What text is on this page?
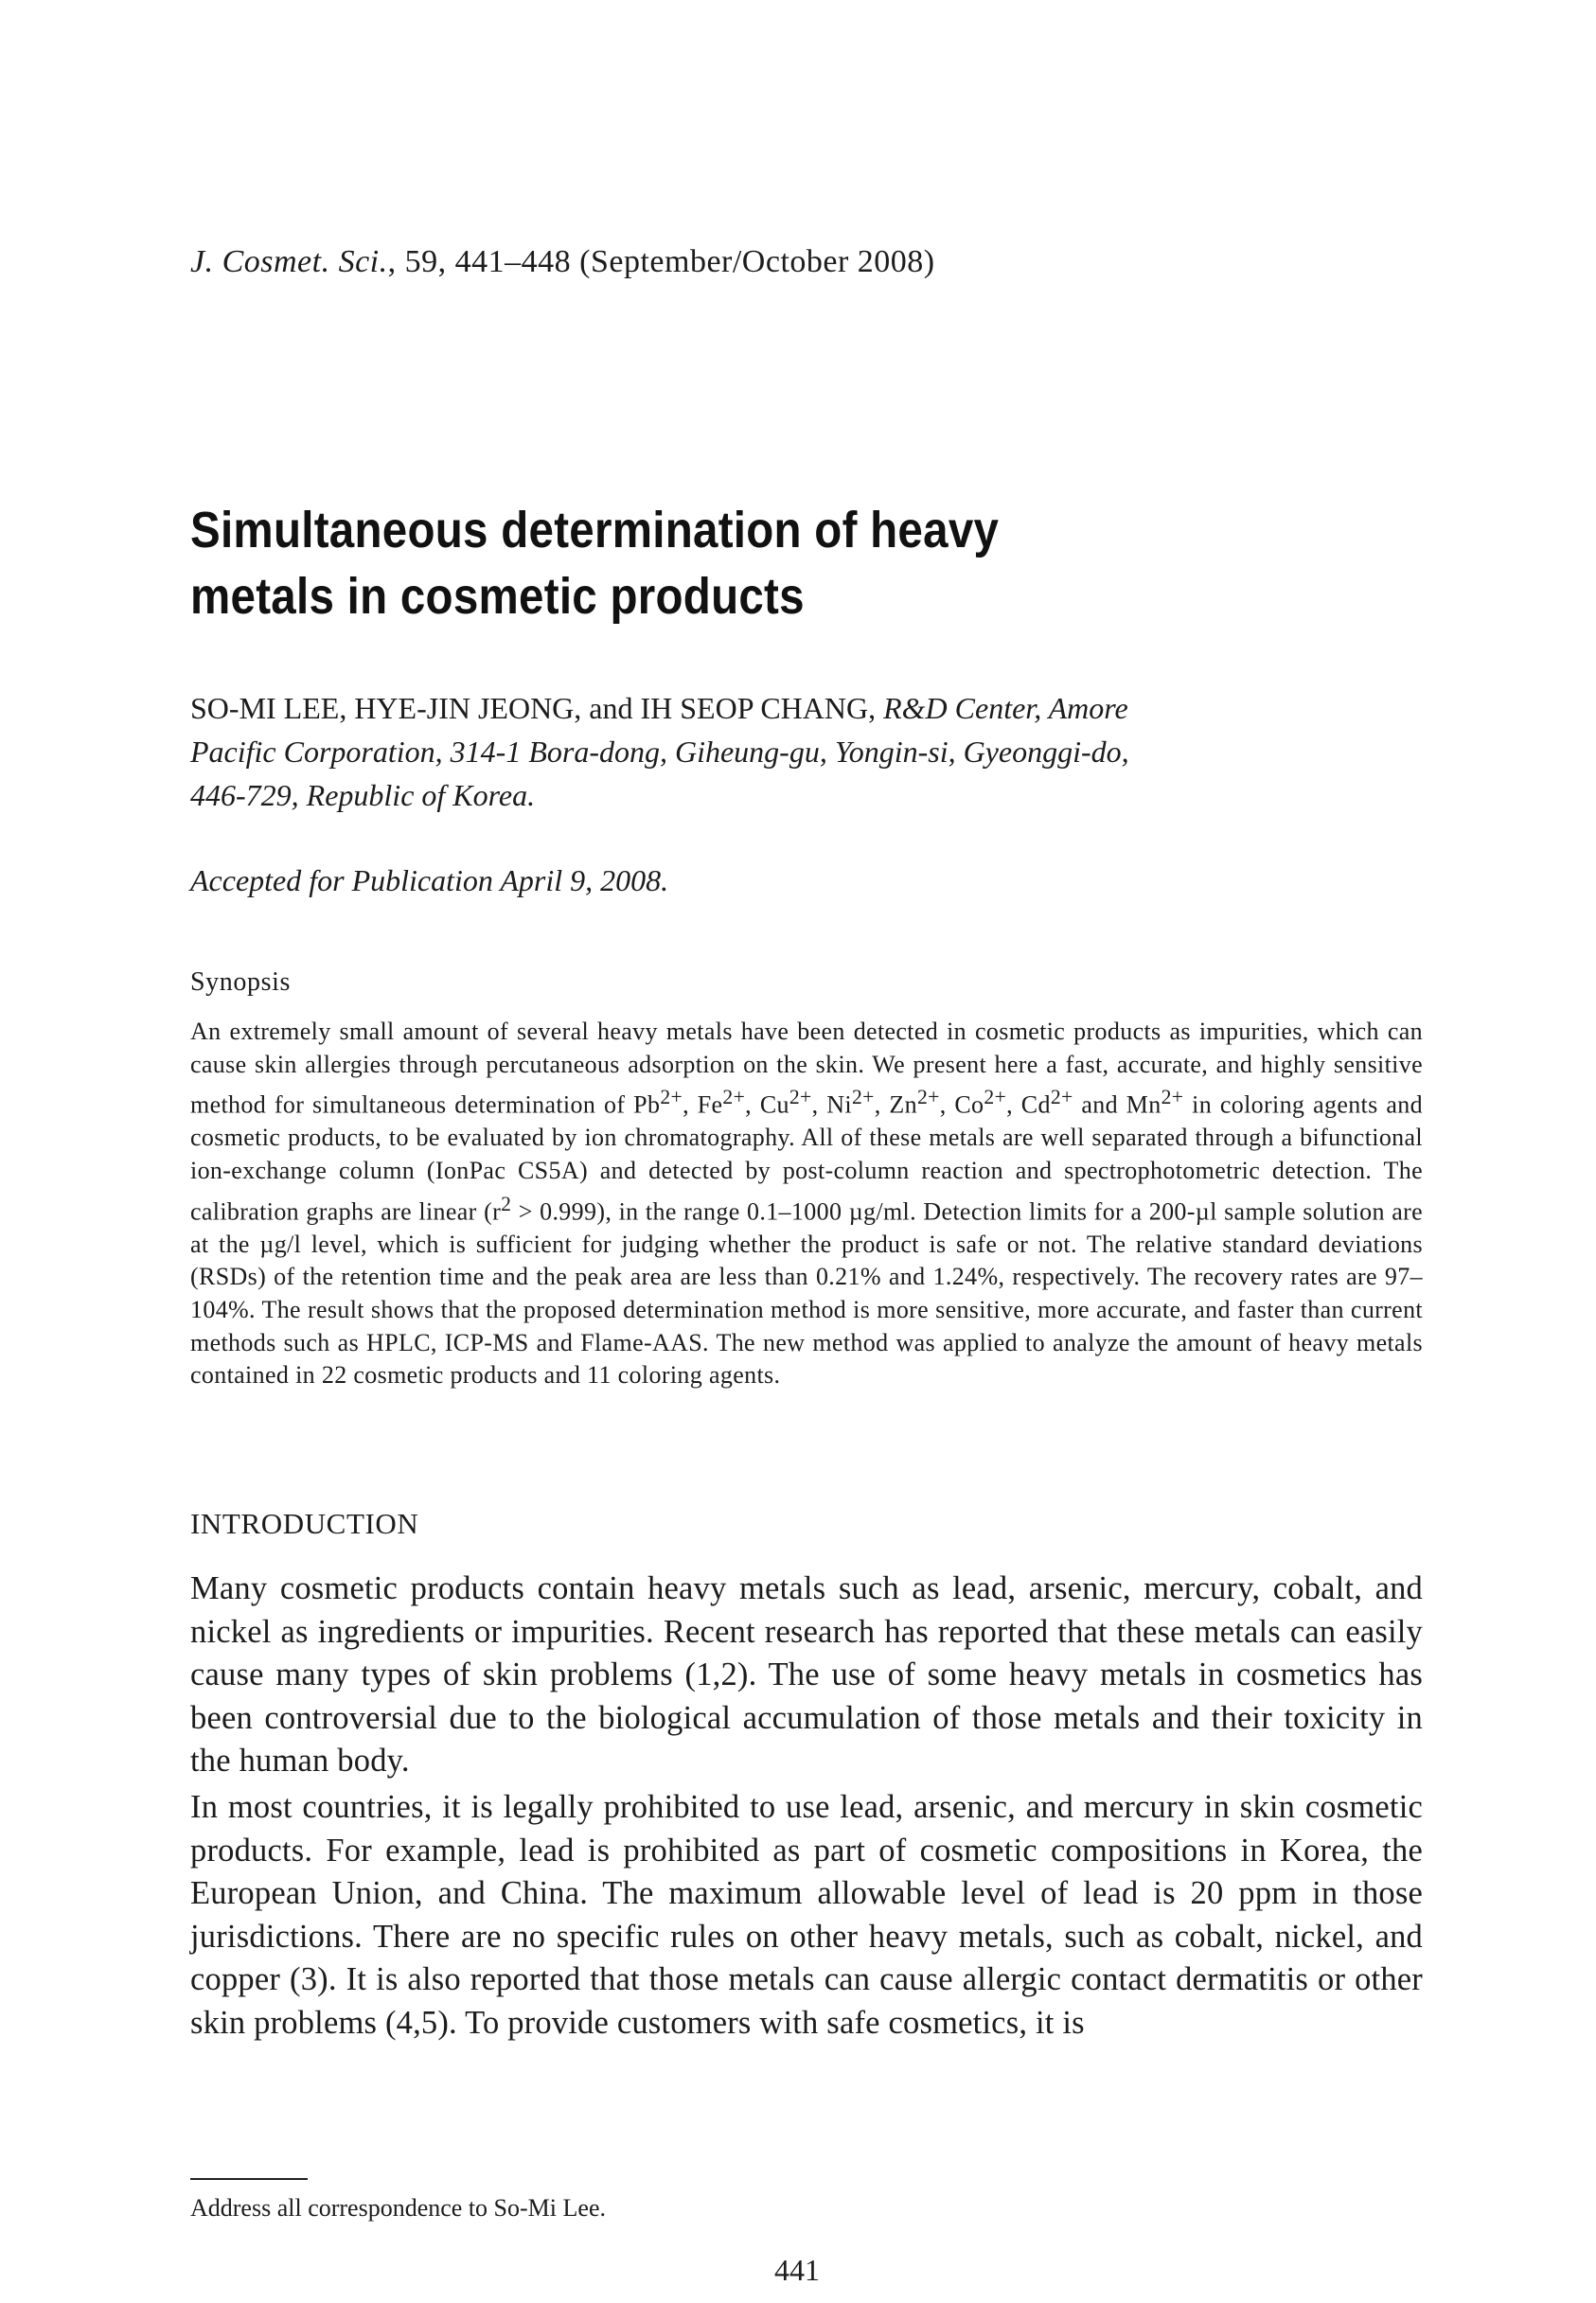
J. Cosmet. Sci., 59, 441–448 (September/October 2008)
Simultaneous determination of heavy metals in cosmetic products
SO-MI LEE, HYE-JIN JEONG, and IH SEOP CHANG, R&D Center, Amore Pacific Corporation, 314-1 Bora-dong, Giheung-gu, Yongin-si, Gyeonggi-do, 446-729, Republic of Korea.
Accepted for Publication April 9, 2008.
Synopsis

An extremely small amount of several heavy metals have been detected in cosmetic products as impurities, which can cause skin allergies through percutaneous adsorption on the skin. We present here a fast, accurate, and highly sensitive method for simultaneous determination of $Pb^{2+}$, $Fe^{2+}$, $Cu^{2+}$, $Ni^{2+}$, $Zn^{2+}$, $Co^{2+}$, $Cd^{2+}$ and $Mn^{2+}$ in coloring agents and cosmetic products, to be evaluated by ion chromatography. All of these metals are well separated through a bifunctional ion-exchange column (IonPac CS5A) and detected by post-column reaction and spectrophotometric detection. The calibration graphs are linear $(r^2 > 0.999)$, in the range 0.1–1000 µg/ml. Detection limits for a 200-µl sample solution are at the µg/l level, which is sufficient for judging whether the product is safe or not. The relative standard deviations (RSDs) of the retention time and the peak area are less than 0.21% and 1.24%, respectively. The recovery rates are 97–104%. The result shows that the proposed determination method is more sensitive, more accurate, and faster than current methods such as HPLC, ICP-MS and Flame-AAS. The new method was applied to analyze the amount of heavy metals contained in 22 cosmetic products and 11 coloring agents.

INTRODUCTION

Many cosmetic products contain heavy metals such as lead, arsenic, mercury, cobalt, and nickel as ingredients or impurities. Recent research has reported that these metals can easily cause many types of skin problems (1,2). The use of some heavy metals in cosmetics has been controversial due to the biological accumulation of those metals and their toxicity in the human body.

In most countries, it is legally prohibited to use lead, arsenic, and mercury in skin cosmetic products. For example, lead is prohibited as part of cosmetic compositions in Korea, the European Union, and China. The maximum allowable level of lead is 20 ppm in those jurisdictions. There are no specific rules on other heavy metals, such as cobalt, nickel, and copper (3). It is also reported that those metals can cause allergic contact dermatitis or other skin problems (4,5). To provide customers with safe cosmetics, it is

Address all correspondence to So-Mi Lee.
441
